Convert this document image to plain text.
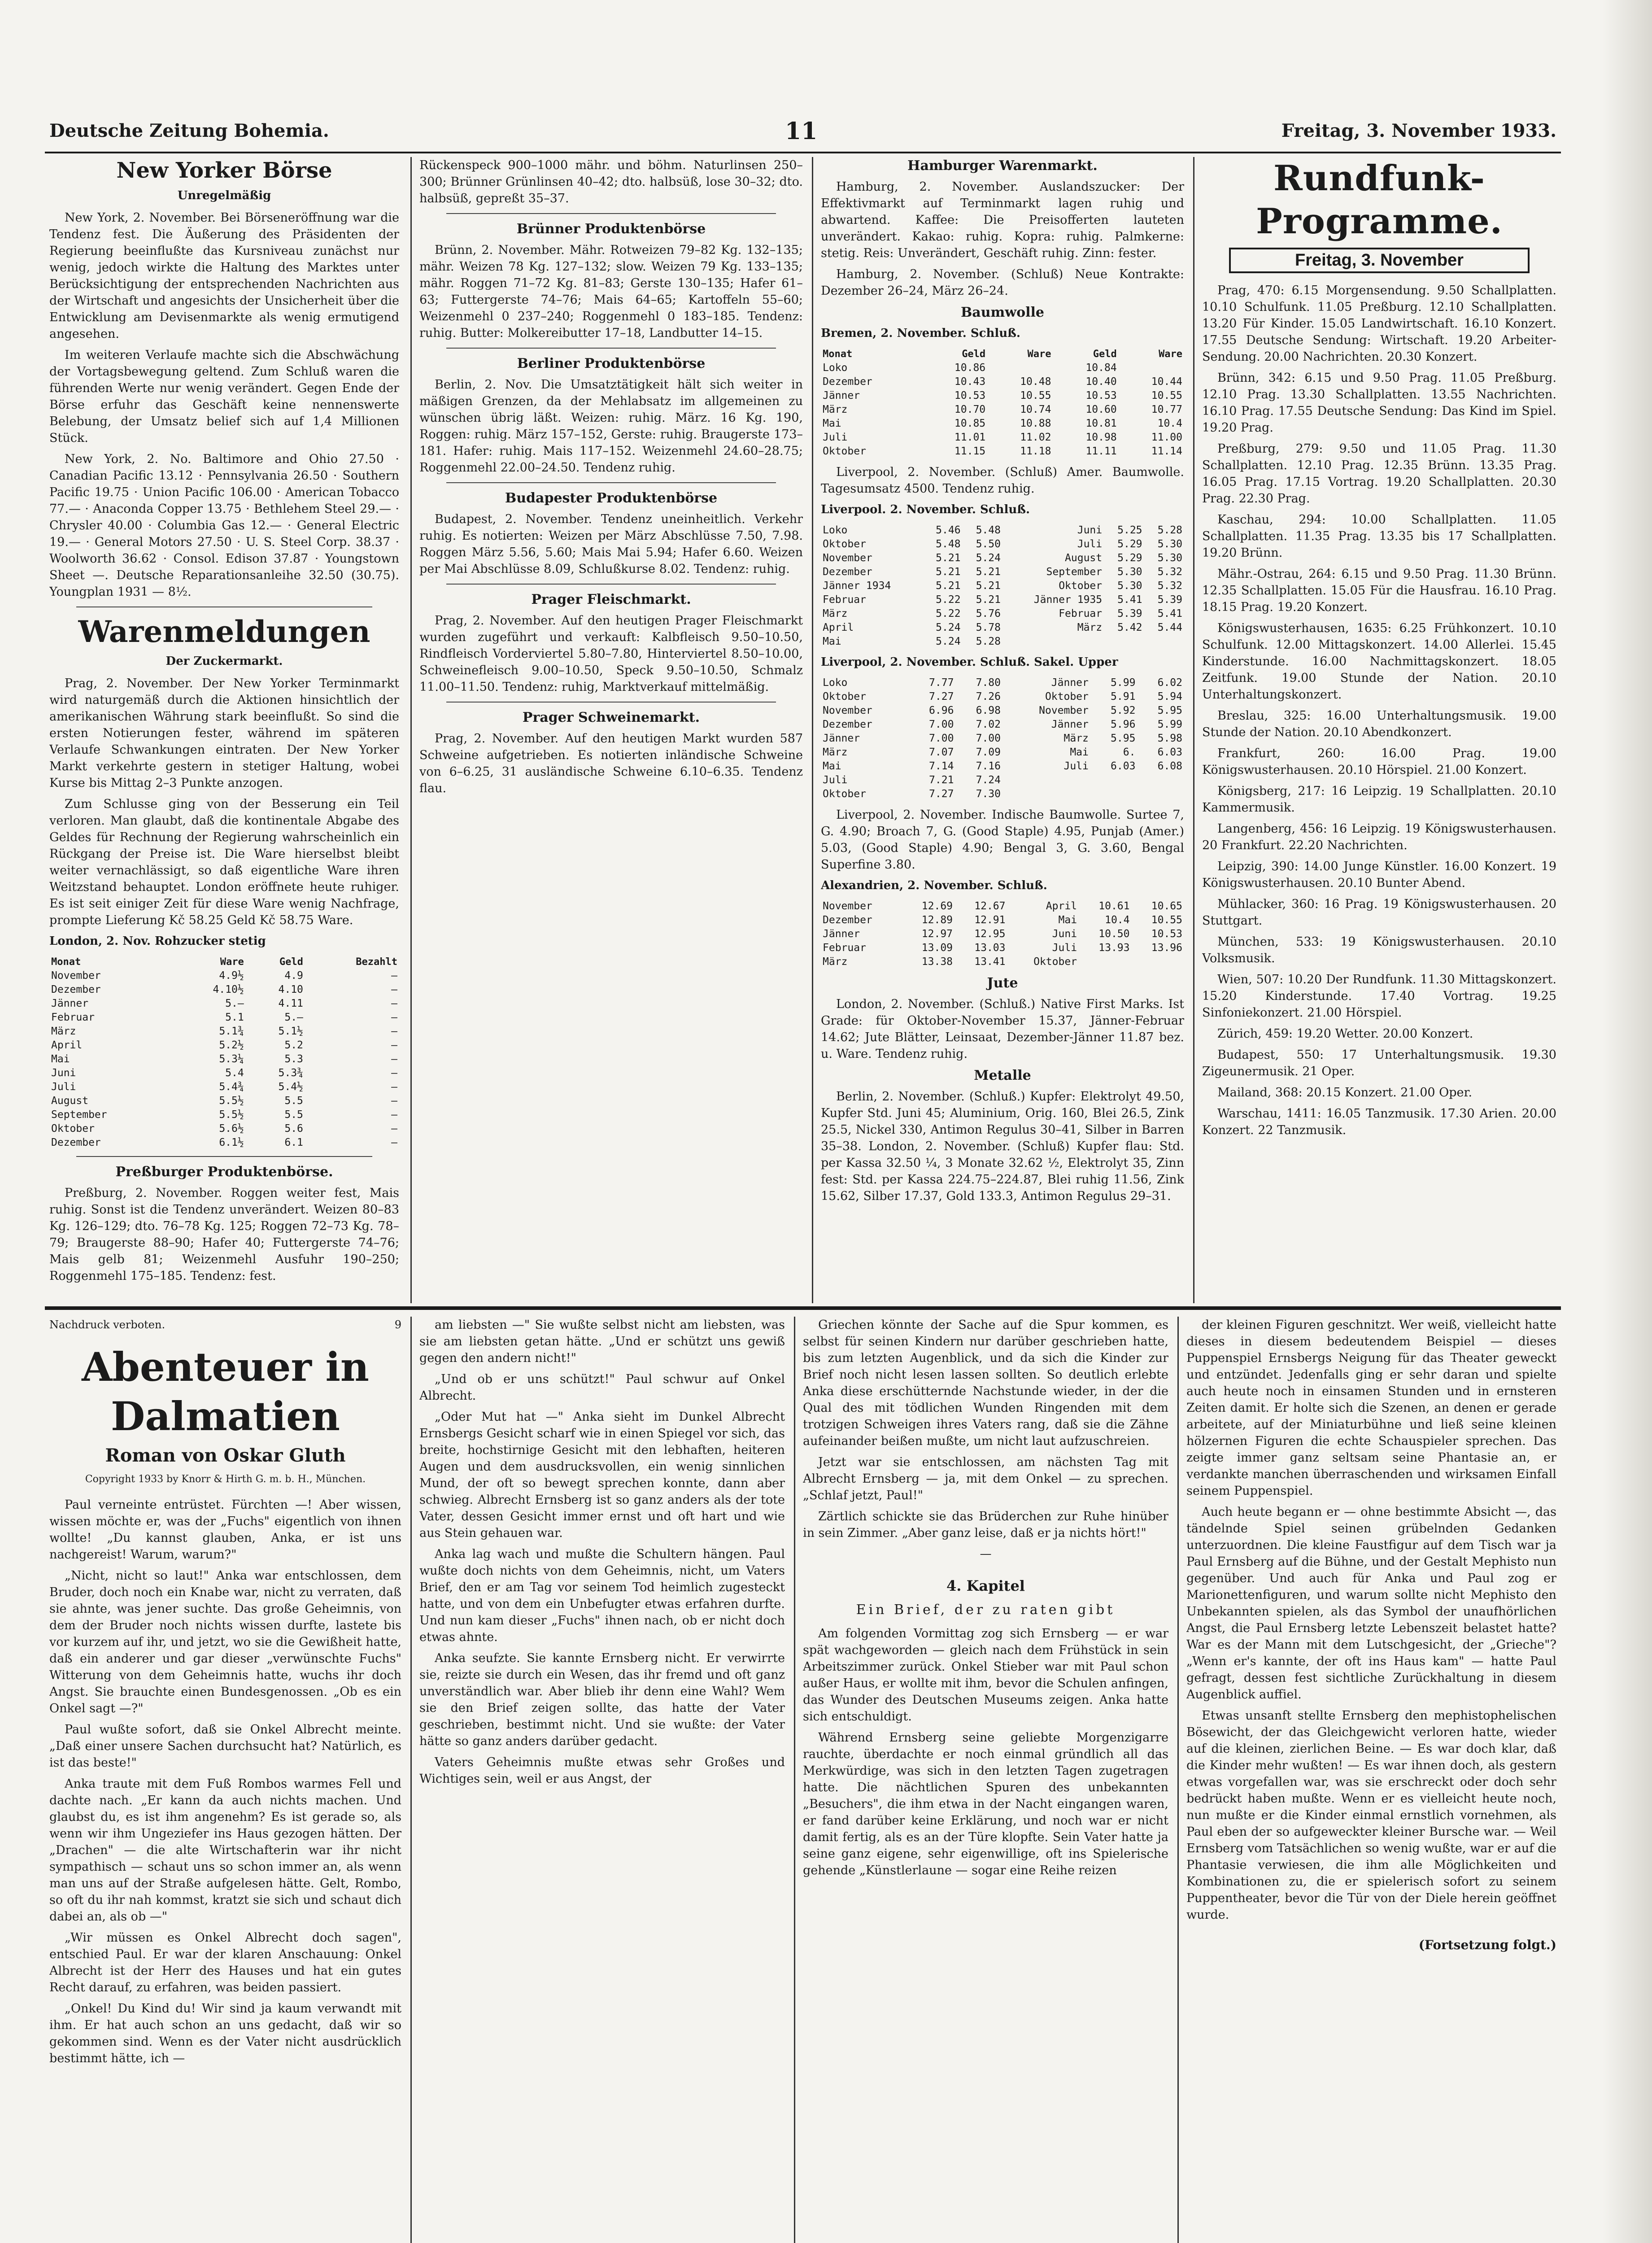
Deutsche Zeitung Bohemia.	11	Freitag, 3. November 1933.
New Yorker Börse
Unregelmäßig

New York, 2. November. Bei Börseneröffnung war die Tendenz fest. Die Äußerung des Präsidenten der Regierung beeinflußte das Kursniveau zunächst nur wenig, jedoch wirkte die Haltung des Marktes unter Berücksichtigung der entsprechenden Nachrichten aus der Wirtschaft und angesichts der Unsicherheit über die Entwicklung am Devisenmarkte als wenig ermutigend angesehen.

Im weiteren Verlaufe machte sich die Abschwächung der Vortagsbewegung geltend. Zum Schluß waren die führenden Werte nur wenig verändert. Gegen Ende der Börse erfuhr das Geschäft keine nennenswerte Belebung, der Umsatz belief sich auf 1,4 Millionen Stück.

New York, 2. No. Baltimore and Ohio 27.50 · Canadian Pacific 13.12 · Pennsylvania 26.50 · Southern Pacific 19.75 · Union Pacific 106.00 · American Tobacco 77.— · Anaconda Copper 13.75 · Bethlehem Steel 29.— · Chrysler 40.00 · Columbia Gas 12.— · General Electric 19.— · General Motors 27.50 · U. S. Steel Corp. 38.37 · Woolworth 36.62 · Consol. Edison 37.87 · Youngstown Sheet —. Deutsche Reparationsanleihe 32.50 (30.75). Youngplan 1931 — 8½.

Warenmeldungen
Der Zuckermarkt.

Prag, 2. November. Der New Yorker Terminmarkt wird naturgemäß durch die Aktionen hinsichtlich der amerikanischen Währung stark beeinflußt. So sind die ersten Notierungen fester, während im späteren Verlaufe Schwankungen eintraten. Der New Yorker Markt verkehrte gestern in stetiger Haltung, wobei Kurse bis Mittag 2–3 Punkte anzogen.

Zum Schlusse ging von der Besserung ein Teil verloren. Man glaubt, daß die kontinentale Abgabe des Geldes für Rechnung der Regierung wahrscheinlich ein Rückgang der Preise ist. Die Ware hierselbst bleibt weiter vernachlässigt, so daß eigentliche Ware ihren Weitzstand behauptet. London eröffnete heute ruhiger. Es ist seit einiger Zeit für diese Ware wenig Nachfrage, prompte Lieferung Kč 58.25 Geld Kč 58.75 Ware.

London, 2. Nov. Rohzucker stetig
Monat	Ware	Geld	Bezahlt
November	4.9½	4.9	—
Dezember	4.10½	4.10	—
Jänner	5.—	4.11	—
Februar	5.1	5.—	—
März	5.1¾	5.1½	—
April	5.2½	5.2	—
Mai	5.3¼	5.3	—
Juni	5.4	5.3¾	—
Juli	5.4¾	5.4½	—
August	5.5½	5.5	—
September	5.5½	5.5	—
Oktober	5.6½	5.6	—
Dezember	6.1½	6.1	—
Preßburger Produktenbörse.

Preßburg, 2. November. Roggen weiter fest, Mais ruhig. Sonst ist die Tendenz unverändert. Weizen 80–83 Kg. 126–129; dto. 76–78 Kg. 125; Roggen 72–73 Kg. 78–79; Braugerste 88–90; Hafer 40; Futtergerste 74–76; Mais gelb 81; Weizenmehl Ausfuhr 190–250; Roggenmehl 175–185. Tendenz: fest.

Rückenspeck 900–1000 mähr. und böhm. Naturlinsen 250–300; Brünner Grünlinsen 40–42; dto. halbsüß, lose 30–32; dto. halbsüß, gepreßt 35–37.

Brünner Produktenbörse

Brünn, 2. November. Mähr. Rotweizen 79–82 Kg. 132–135; mähr. Weizen 78 Kg. 127–132; slow. Weizen 79 Kg. 133–135; mähr. Roggen 71–72 Kg. 81–83; Gerste 130–135; Hafer 61–63; Futtergerste 74–76; Mais 64–65; Kartoffeln 55–60; Weizenmehl 0 237–240; Roggenmehl 0 183–185. Tendenz: ruhig. Butter: Molkereibutter 17–18, Landbutter 14–15.

Berliner Produktenbörse

Berlin, 2. Nov. Die Umsatztätigkeit hält sich weiter in mäßigen Grenzen, da der Mehlabsatz im allgemeinen zu wünschen übrig läßt. Weizen: ruhig. März. 16 Kg. 190, Roggen: ruhig. März 157–152, Gerste: ruhig. Braugerste 173–181. Hafer: ruhig. Mais 117–152. Weizenmehl 24.60–28.75; Roggenmehl 22.00–24.50. Tendenz ruhig.

Budapester Produktenbörse

Budapest, 2. November. Tendenz uneinheitlich. Verkehr ruhig. Es notierten: Weizen per März Abschlüsse 7.50, 7.98. Roggen März 5.56, 5.60; Mais Mai 5.94; Hafer 6.60. Weizen per Mai Abschlüsse 8.09, Schlußkurse 8.02. Tendenz: ruhig.

Prager Fleischmarkt.

Prag, 2. November. Auf den heutigen Prager Fleischmarkt wurden zugeführt und verkauft: Kalbfleisch 9.50–10.50, Rindfleisch Vorderviertel 5.80–7.80, Hinterviertel 8.50–10.00, Schweinefleisch 9.00–10.50, Speck 9.50–10.50, Schmalz 11.00–11.50. Tendenz: ruhig, Marktverkauf mittelmäßig.

Prager Schweinemarkt.

Prag, 2. November. Auf den heutigen Markt wurden 587 Schweine aufgetrieben. Es notierten inländische Schweine von 6–6.25, 31 ausländische Schweine 6.10–6.35. Tendenz flau.

Hamburger Warenmarkt.

Hamburg, 2. November. Auslandszucker: Der Effektivmarkt auf Terminmarkt lagen ruhig und abwartend. Kaffee: Die Preisofferten lauteten unverändert. Kakao: ruhig. Kopra: ruhig. Palmkerne: stetig. Reis: Unverändert, Geschäft ruhig. Zinn: fester.

Hamburg, 2. November. (Schluß) Neue Kontrakte: Dezember 26–24, März 26–24.

Baumwolle
Bremen, 2. November. Schluß.
Monat	Geld	Ware	Geld	Ware
Loko	10.86		10.84	
Dezember	10.43	10.48	10.40	10.44
Jänner	10.53	10.55	10.53	10.55
März	10.70	10.74	10.60	10.77
Mai	10.85	10.88	10.81	10.4
Juli	11.01	11.02	10.98	11.00
Oktober	11.15	11.18	11.11	11.14

Liverpool, 2. November. (Schluß) Amer. Baumwolle. Tagesumsatz 4500. Tendenz ruhig.

Liverpool. 2. November. Schluß.
Loko	5.46	5.48	Juni	5.25	5.28
Oktober	5.48	5.50	Juli	5.29	5.30
November	5.21	5.24	August	5.29	5.30
Dezember	5.21	5.21	September	5.30	5.32
Jänner 1934	5.21	5.21	Oktober	5.30	5.32
Februar	5.22	5.21	Jänner 1935	5.41	5.39
März	5.22	5.76	Februar	5.39	5.41
April	5.24	5.78	März	5.42	5.44
Mai	5.24	5.28			
Liverpool, 2. November. Schluß. Sakel. Upper
Loko	7.77	7.80	Jänner	5.99	6.02
Oktober	7.27	7.26	Oktober	5.91	5.94
November	6.96	6.98	November	5.92	5.95
Dezember	7.00	7.02	Jänner	5.96	5.99
Jänner	7.00	7.00	März	5.95	5.98
März	7.07	7.09	Mai	6.	6.03
Mai	7.14	7.16	Juli	6.03	6.08
Juli	7.21	7.24			
Oktober	7.27	7.30			

Liverpool, 2. November. Indische Baumwolle. Surtee 7, G. 4.90; Broach 7, G. (Good Staple) 4.95, Punjab (Amer.) 5.03, (Good Staple) 4.90; Bengal 3, G. 3.60, Bengal Superfine 3.80.

Alexandrien, 2. November. Schluß.
November	12.69	12.67	April	10.61	10.65
Dezember	12.89	12.91	Mai	10.4	10.55
Jänner	12.97	12.95	Juni	10.50	10.53
Februar	13.09	13.03	Juli	13.93	13.96
März	13.38	13.41	Oktober		
Jute

London, 2. November. (Schluß.) Native First Marks. Ist Grade: für Oktober-November 15.37, Jänner-Februar 14.62; Jute Blätter, Leinsaat, Dezember-Jänner 11.87 bez. u. Ware. Tendenz ruhig.

Metalle

Berlin, 2. November. (Schluß.) Kupfer: Elektrolyt 49.50, Kupfer Std. Juni 45; Aluminium, Orig. 160, Blei 26.5, Zink 25.5, Nickel 330, Antimon Regulus 30–41, Silber in Barren 35–38. London, 2. November. (Schluß) Kupfer flau: Std. per Kassa 32.50 ¼, 3 Monate 32.62 ½, Elektrolyt 35, Zinn fest: Std. per Kassa 224.75–224.87, Blei ruhig 11.56, Zink 15.62, Silber 17.37, Gold 133.3, Antimon Regulus 29–31.

Rundfunk-Programme.
Freitag, 3. November

Prag, 470: 6.15 Morgensendung. 9.50 Schallplatten. 10.10 Schulfunk. 11.05 Preßburg. 12.10 Schallplatten. 13.20 Für Kinder. 15.05 Landwirtschaft. 16.10 Konzert. 17.55 Deutsche Sendung: Wirtschaft. 19.20 Arbeiter-Sendung. 20.00 Nachrichten. 20.30 Konzert.

Brünn, 342: 6.15 und 9.50 Prag. 11.05 Preßburg. 12.10 Prag. 13.30 Schallplatten. 13.55 Nachrichten. 16.10 Prag. 17.55 Deutsche Sendung: Das Kind im Spiel. 19.20 Prag.

Preßburg, 279: 9.50 und 11.05 Prag. 11.30 Schallplatten. 12.10 Prag. 12.35 Brünn. 13.35 Prag. 16.05 Prag. 17.15 Vortrag. 19.20 Schallplatten. 20.30 Prag. 22.30 Prag.

Kaschau, 294: 10.00 Schallplatten. 11.05 Schallplatten. 11.35 Prag. 13.35 bis 17 Schallplatten. 19.20 Brünn.

Mähr.-Ostrau, 264: 6.15 und 9.50 Prag. 11.30 Brünn. 12.35 Schallplatten. 15.05 Für die Hausfrau. 16.10 Prag. 18.15 Prag. 19.20 Konzert.

Königswusterhausen, 1635: 6.25 Frühkonzert. 10.10 Schulfunk. 12.00 Mittagskonzert. 14.00 Allerlei. 15.45 Kinderstunde. 16.00 Nachmittagskonzert. 18.05 Zeitfunk. 19.00 Stunde der Nation. 20.10 Unterhaltungskonzert.

Breslau, 325: 16.00 Unterhaltungsmusik. 19.00 Stunde der Nation. 20.10 Abendkonzert.

Frankfurt, 260: 16.00 Prag. 19.00 Königswusterhausen. 20.10 Hörspiel. 21.00 Konzert.

Königsberg, 217: 16 Leipzig. 19 Schallplatten. 20.10 Kammermusik.

Langenberg, 456: 16 Leipzig. 19 Königswusterhausen. 20 Frankfurt. 22.20 Nachrichten.

Leipzig, 390: 14.00 Junge Künstler. 16.00 Konzert. 19 Königswusterhausen. 20.10 Bunter Abend.

Mühlacker, 360: 16 Prag. 19 Königswusterhausen. 20 Stuttgart.

München, 533: 19 Königswusterhausen. 20.10 Volksmusik.

Wien, 507: 10.20 Der Rundfunk. 11.30 Mittagskonzert. 15.20 Kinderstunde. 17.40 Vortrag. 19.25 Sinfoniekonzert. 21.00 Hörspiel.

Zürich, 459: 19.20 Wetter. 20.00 Konzert.

Budapest, 550: 17 Unterhaltungsmusik. 19.30 Zigeunermusik. 21 Oper.

Mailand, 368: 20.15 Konzert. 21.00 Oper.

Warschau, 1411: 16.05 Tanzmusik. 17.30 Arien. 20.00 Konzert. 22 Tanzmusik.

Nachdruck verboten.	9
Abenteuer in Dalmatien
Roman von Oskar Gluth
Copyright 1933 by Knorr & Hirth G. m. b. H., München.

Paul verneinte entrüstet. Fürchten —! Aber wissen, wissen möchte er, was der „Fuchs" eigentlich von ihnen wollte! „Du kannst glauben, Anka, er ist uns nachgereist! Warum, warum?"

„Nicht, nicht so laut!" Anka war entschlossen, dem Bruder, doch noch ein Knabe war, nicht zu verraten, daß sie ahnte, was jener suchte. Das große Geheimnis, von dem der Bruder noch nichts wissen durfte, lastete bis vor kurzem auf ihr, und jetzt, wo sie die Gewißheit hatte, daß ein anderer und gar dieser „verwünschte Fuchs" Witterung von dem Geheimnis hatte, wuchs ihr doch Angst. Sie brauchte einen Bundesgenossen. „Ob es ein Onkel sagt —?"

Paul wußte sofort, daß sie Onkel Albrecht meinte. „Daß einer unsere Sachen durchsucht hat? Natürlich, es ist das beste!"

Anka traute mit dem Fuß Rombos warmes Fell und dachte nach. „Er kann da auch nichts machen. Und glaubst du, es ist ihm angenehm? Es ist gerade so, als wenn wir ihm Ungeziefer ins Haus gezogen hätten. Der „Drachen" — die alte Wirtschafterin war ihr nicht sympathisch — schaut uns so schon immer an, als wenn man uns auf der Straße aufgelesen hätte. Gelt, Rombo, so oft du ihr nah kommst, kratzt sie sich und schaut dich dabei an, als ob —"

„Wir müssen es Onkel Albrecht doch sagen", entschied Paul. Er war der klaren Anschauung: Onkel Albrecht ist der Herr des Hauses und hat ein gutes Recht darauf, zu erfahren, was beiden passiert.

„Onkel! Du Kind du! Wir sind ja kaum verwandt mit ihm. Er hat auch schon an uns gedacht, daß wir so gekommen sind. Wenn es der Vater nicht ausdrücklich bestimmt hätte, ich —

am liebsten —" Sie wußte selbst nicht am liebsten, was sie am liebsten getan hätte. „Und er schützt uns gewiß gegen den andern nicht!"

„Und ob er uns schützt!" Paul schwur auf Onkel Albrecht.

„Oder Mut hat —" Anka sieht im Dunkel Albrecht Ernsbergs Gesicht scharf wie in einen Spiegel vor sich, das breite, hochstirnige Gesicht mit den lebhaften, heiteren Augen und dem ausdrucksvollen, ein wenig sinnlichen Mund, der oft so bewegt sprechen konnte, dann aber schwieg. Albrecht Ernsberg ist so ganz anders als der tote Vater, dessen Gesicht immer ernst und oft hart und wie aus Stein gehauen war.

Anka lag wach und mußte die Schultern hängen. Paul wußte doch nichts von dem Geheimnis, nicht, um Vaters Brief, den er am Tag vor seinem Tod heimlich zugesteckt hatte, und von dem ein Unbefugter etwas erfahren durfte. Und nun kam dieser „Fuchs" ihnen nach, ob er nicht doch etwas ahnte.

Anka seufzte. Sie kannte Ernsberg nicht. Er verwirrte sie, reizte sie durch ein Wesen, das ihr fremd und oft ganz unverständlich war. Aber blieb ihr denn eine Wahl? Wem sie den Brief zeigen sollte, das hatte der Vater geschrieben, bestimmt nicht. Und sie wußte: der Vater hätte so ganz anders darüber gedacht.

Vaters Geheimnis mußte etwas sehr Großes und Wichtiges sein, weil er aus Angst, der

Griechen könnte der Sache auf die Spur kommen, es selbst für seinen Kindern nur darüber geschrieben hatte, bis zum letzten Augenblick, und da sich die Kinder zur Brief noch nicht lesen lassen sollten. So deutlich erlebte Anka diese erschütternde Nachstunde wieder, in der die Qual des mit tödlichen Wunden Ringenden mit dem trotzigen Schweigen ihres Vaters rang, daß sie die Zähne aufeinander beißen mußte, um nicht laut aufzuschreien.

Jetzt war sie entschlossen, am nächsten Tag mit Albrecht Ernsberg — ja, mit dem Onkel — zu sprechen. „Schlaf jetzt, Paul!"

Zärtlich schickte sie das Brüderchen zur Ruhe hinüber in sein Zimmer. „Aber ganz leise, daß er ja nichts hört!"

—
4. Kapitel
Ein Brief, der zu raten gibt

Am folgenden Vormittag zog sich Ernsberg — er war spät wachgeworden — gleich nach dem Frühstück in sein Arbeitszimmer zurück. Onkel Stieber war mit Paul schon außer Haus, er wollte mit ihm, bevor die Schulen anfingen, das Wunder des Deutschen Museums zeigen. Anka hatte sich entschuldigt.

Während Ernsberg seine geliebte Morgenzigarre rauchte, überdachte er noch einmal gründlich all das Merkwürdige, was sich in den letzten Tagen zugetragen hatte. Die nächtlichen Spuren des unbekannten „Besuchers", die ihm etwa in der Nacht eingangen waren, er fand darüber keine Erklärung, und noch war er nicht damit fertig, als es an der Türe klopfte. Sein Vater hatte ja seine ganz eigene, sehr eigenwillige, oft ins Spielerische gehende „Künstlerlaune — sogar eine Reihe reizen

der kleinen Figuren geschnitzt. Wer weiß, vielleicht hatte dieses in diesem bedeutendem Beispiel — dieses Puppenspiel Ernsbergs Neigung für das Theater geweckt und entzündet. Jedenfalls ging er sehr daran und spielte auch heute noch in einsamen Stunden und in ernsteren Zeiten damit. Er holte sich die Szenen, an denen er gerade arbeitete, auf der Miniaturbühne und ließ seine kleinen hölzernen Figuren die echte Schauspieler sprechen. Das zeigte immer ganz seltsam seine Phantasie an, er verdankte manchen überraschenden und wirksamen Einfall seinem Puppenspiel.

Auch heute begann er — ohne bestimmte Absicht —, das tändelnde Spiel seinen grübelnden Gedanken unterzuordnen. Die kleine Faustfigur auf dem Tisch war ja Paul Ernsberg auf die Bühne, und der Gestalt Mephisto nun gegenüber. Und auch für Anka und Paul zog er Marionettenfiguren, und warum sollte nicht Mephisto den Unbekannten spielen, als das Symbol der unaufhörlichen Angst, die Paul Ernsberg letzte Lebenszeit belastet hatte? War es der Mann mit dem Lutschgesicht, der „Grieche"? „Wenn er's kannte, der oft ins Haus kam" — hatte Paul gefragt, dessen fest sichtliche Zurückhaltung in diesem Augenblick auffiel.

Etwas unsanft stellte Ernsberg den mephistophelischen Bösewicht, der das Gleichgewicht verloren hatte, wieder auf die kleinen, zierlichen Beine. — Es war doch klar, daß die Kinder mehr wußten! — Es war ihnen doch, als gestern etwas vorgefallen war, was sie erschreckt oder doch sehr bedrückt haben mußte. Wenn er es vielleicht heute noch, nun mußte er die Kinder einmal ernstlich vornehmen, als Paul eben der so aufgeweckter kleiner Bursche war. — Weil Ernsberg vom Tatsächlichen so wenig wußte, war er auf die Phantasie verwiesen, die ihm alle Möglichkeiten und Kombinationen zu, die er spielerisch sofort zu seinem Puppentheater, bevor die Tür von der Diele herein geöffnet wurde.

(Fortsetzung folgt.)
